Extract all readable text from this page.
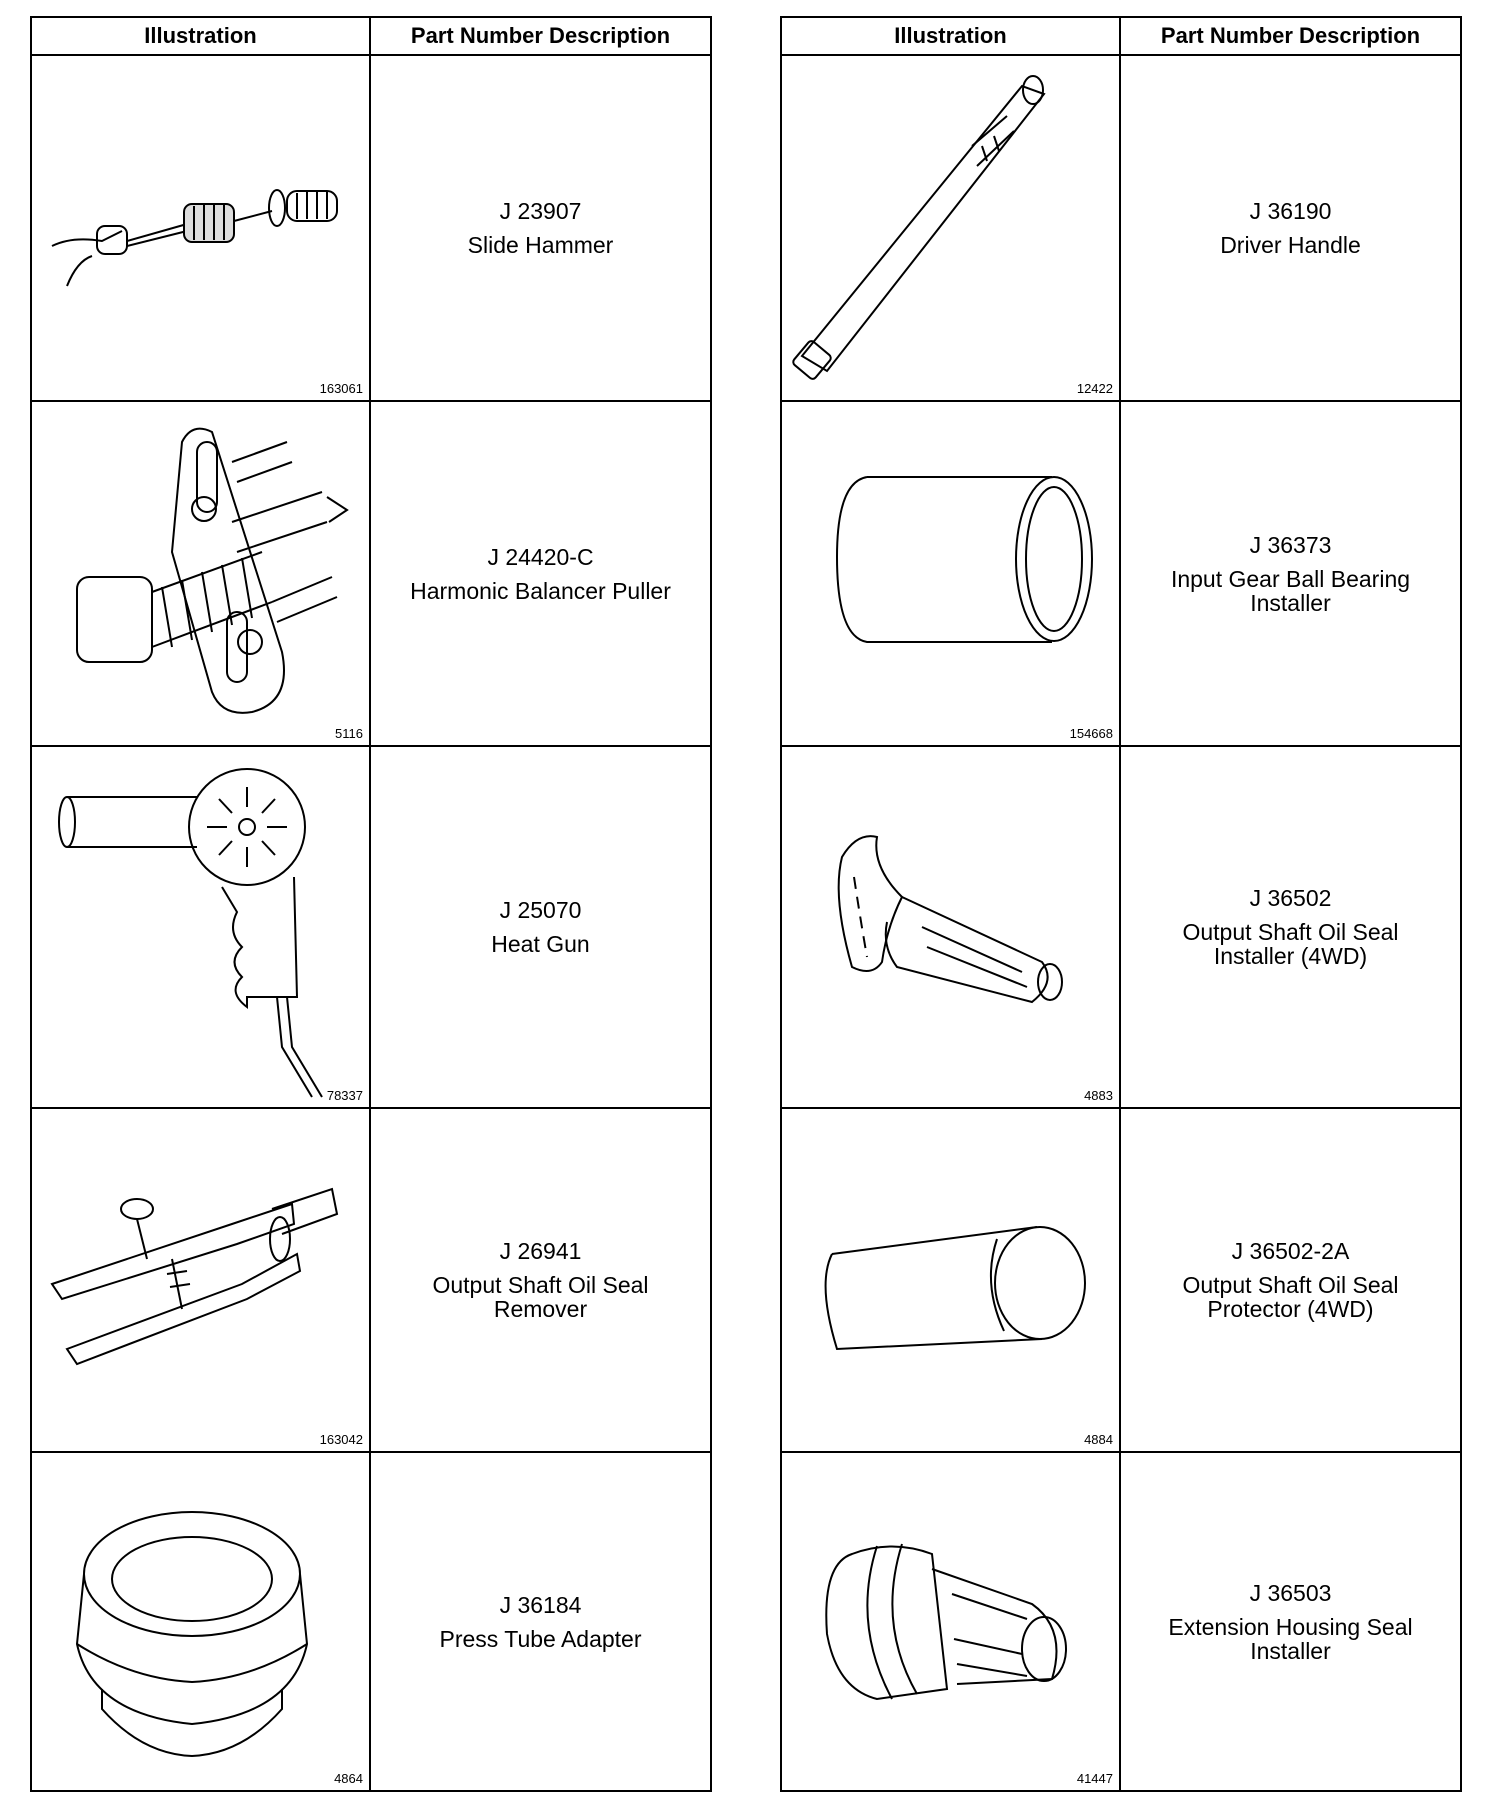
Illustration	Part Number Description
163061
J 23907
Slide Hammer
5116
J 24420-C
Harmonic Balancer Puller
78337
J 25070
Heat Gun
163042
J 26941
Output Shaft Oil Seal
Remover
4864
J 36184
Press Tube Adapter
Illustration	Part Number Description
12422
J 36190
Driver Handle
154668
J 36373
Input Gear Ball Bearing
Installer
4883
J 36502
Output Shaft Oil Seal
Installer (4WD)
4884
J 36502-2A
Output Shaft Oil Seal
Protector (4WD)
41447
J 36503
Extension Housing Seal
Installer
